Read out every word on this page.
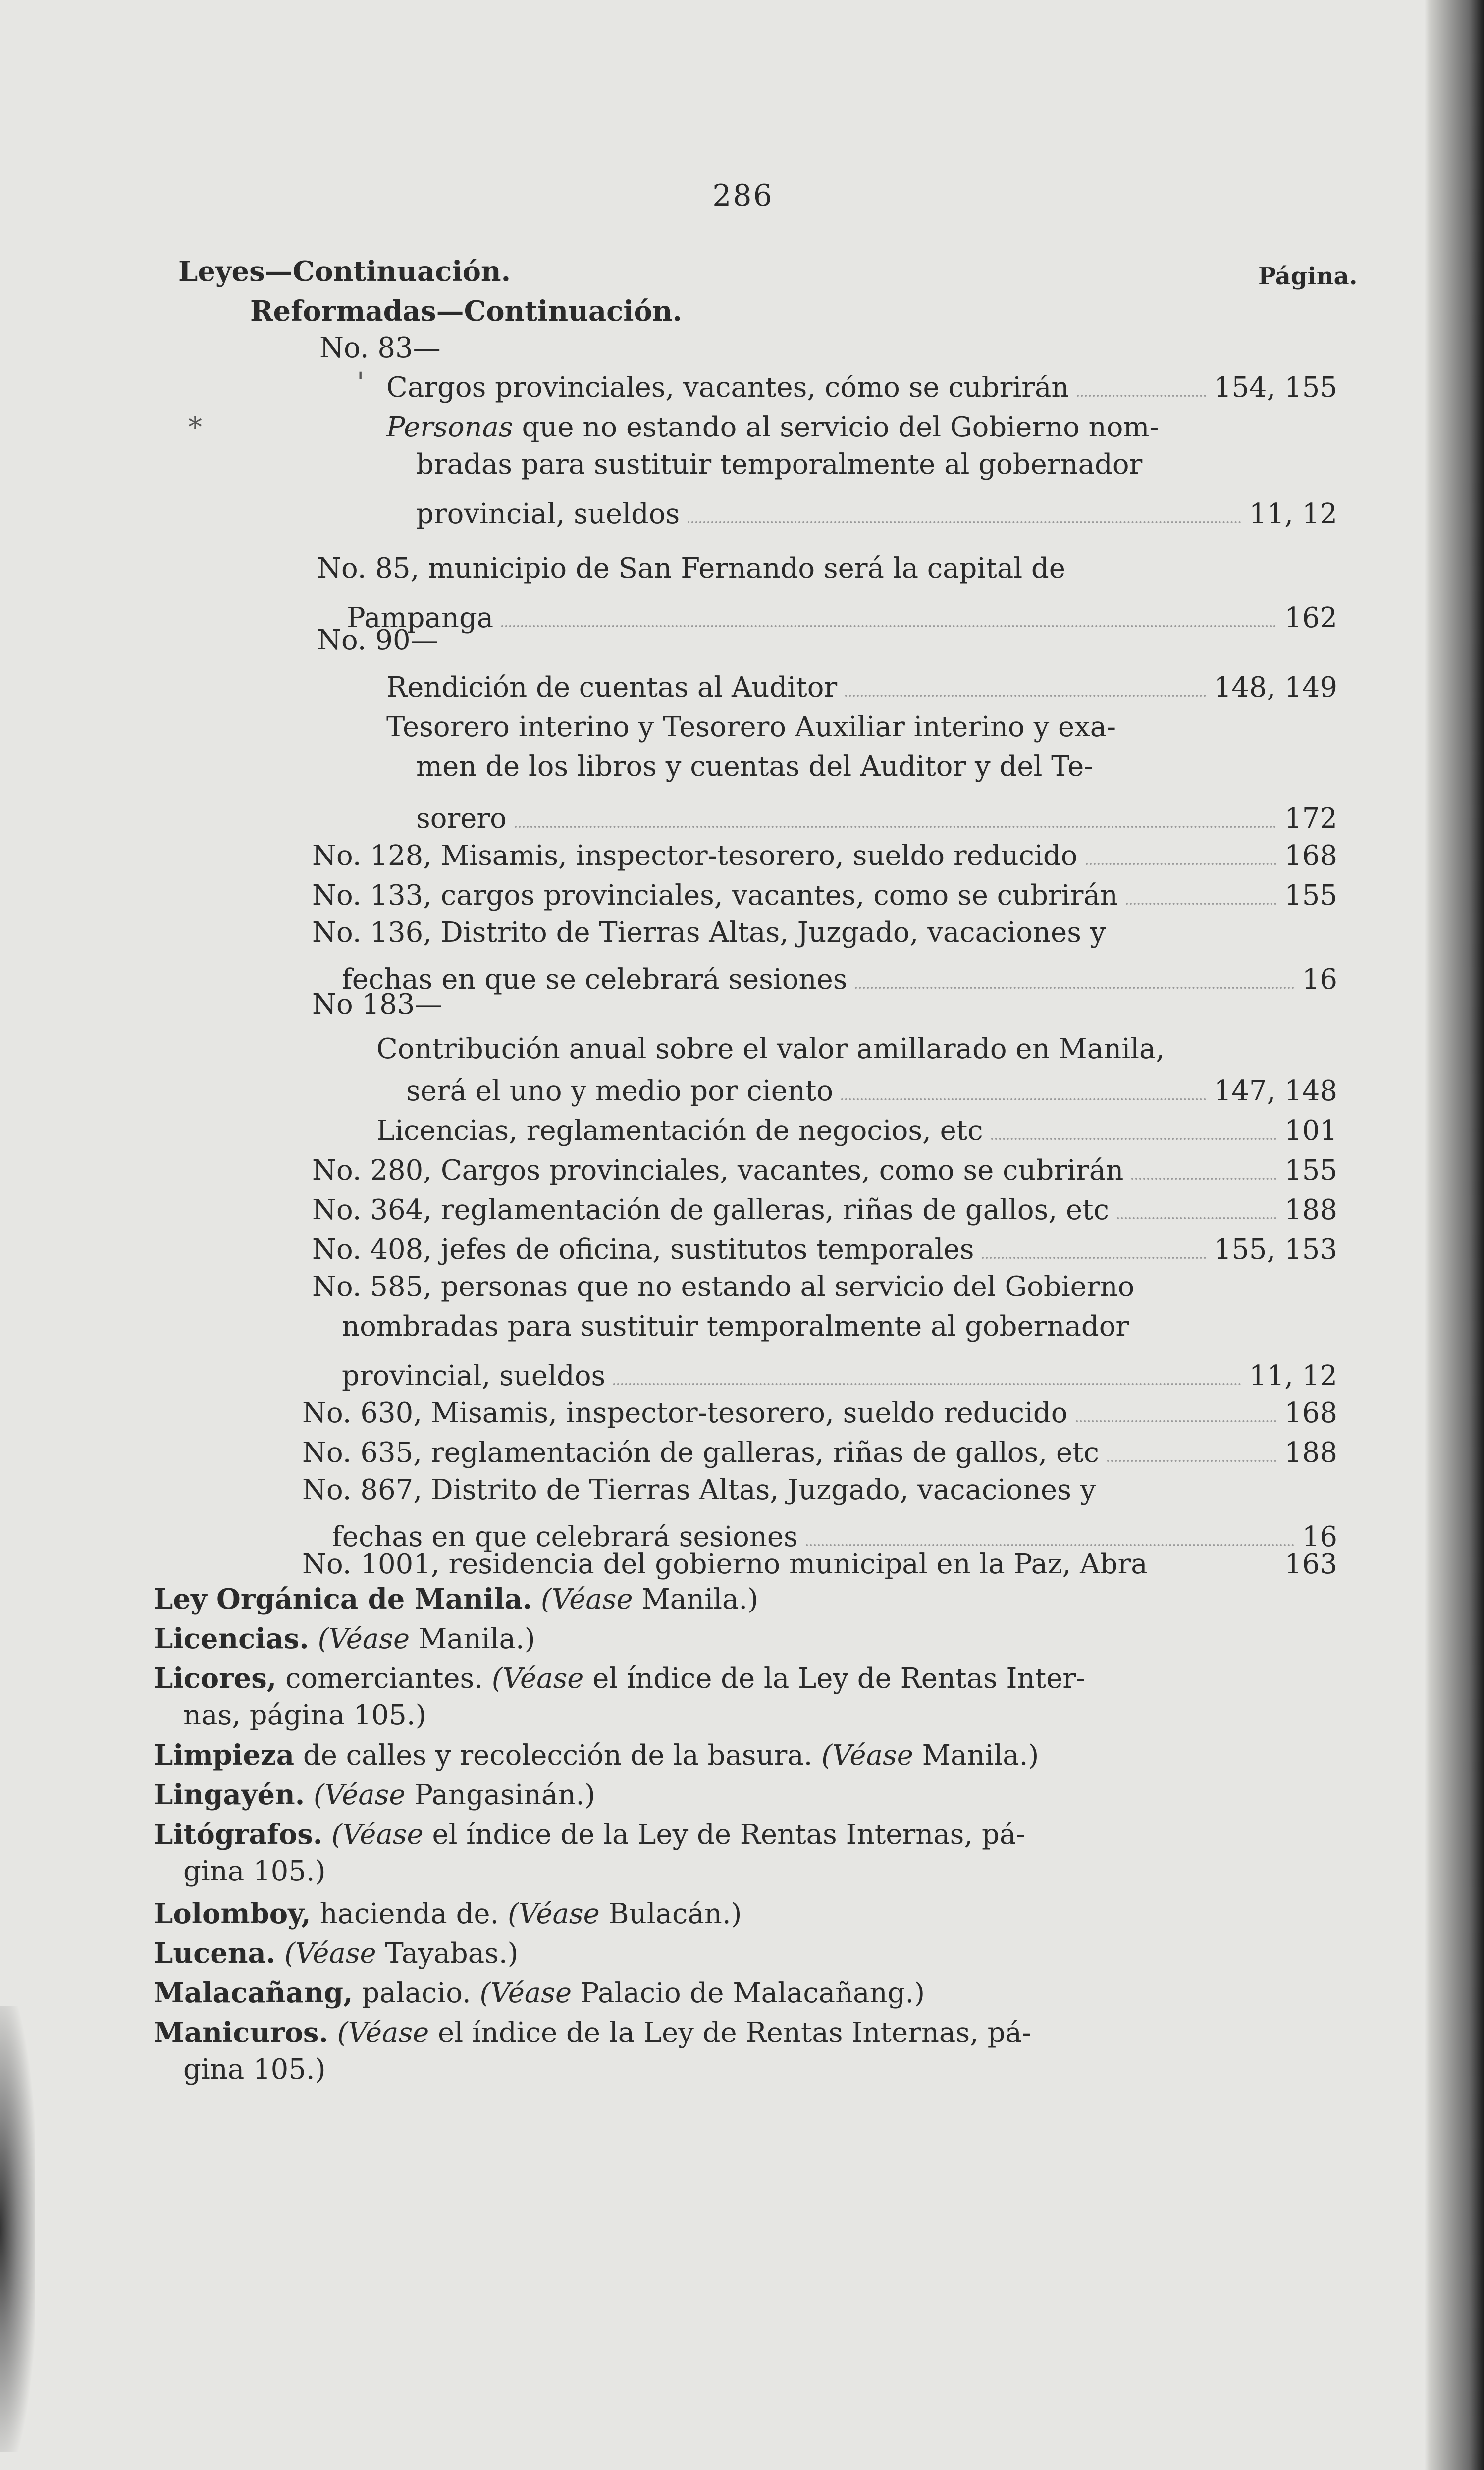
286
Leyes—Continuación.	Página.
Reformadas—Continuación.
No. 83—
'
*
Cargos provinciales, vacantes, cómo se cubrirán	154, 155
Personas que no estando al servicio del Gobierno nom-
bradas para sustituir temporalmente al gobernador
provincial, sueldos	11, 12
No. 85, municipio de San Fernando será la capital de
Pampanga	162
No. 90—
Rendición de cuentas al Auditor	148, 149
Tesorero interino y Tesorero Auxiliar interino y exa-
men de los libros y cuentas del Auditor y del Te-
sorero	172
No. 128, Misamis, inspector-tesorero, sueldo reducido	168
No. 133, cargos provinciales, vacantes, como se cubrirán	155
No. 136, Distrito de Tierras Altas, Juzgado, vacaciones y
fechas en que se celebrará sesiones	16
No 183—
Contribución anual sobre el valor amillarado en Manila,
será el uno y medio por ciento	147, 148
Licencias, reglamentación de negocios, etc	101
No. 280, Cargos provinciales, vacantes, como se cubrirán	155
No. 364, reglamentación de galleras, riñas de gallos, etc	188
No. 408, jefes de oficina, sustitutos temporales	155, 153
No. 585, personas que no estando al servicio del Gobierno
nombradas para sustituir temporalmente al gobernador
provincial, sueldos	11, 12
No. 630, Misamis, inspector-tesorero, sueldo reducido	168
No. 635, reglamentación de galleras, riñas de gallos, etc	188
No. 867, Distrito de Tierras Altas, Juzgado, vacaciones y
fechas en que celebrará sesiones	16
No. 1001, residencia del gobierno municipal en la Paz, Abra	163
Ley Orgánica de Manila. (Véase Manila.)
Licencias. (Véase Manila.)
Licores, comerciantes. (Véase el índice de la Ley de Rentas Inter-
nas, página 105.)
Limpieza de calles y recolección de la basura. (Véase Manila.)
Lingayén. (Véase Pangasinán.)
Litógrafos. (Véase el índice de la Ley de Rentas Internas, pá-
gina 105.)
Lolomboy, hacienda de. (Véase Bulacán.)
Lucena. (Véase Tayabas.)
Malacañang, palacio. (Véase Palacio de Malacañang.)
Manicuros. (Véase el índice de la Ley de Rentas Internas, pá-
gina 105.)
